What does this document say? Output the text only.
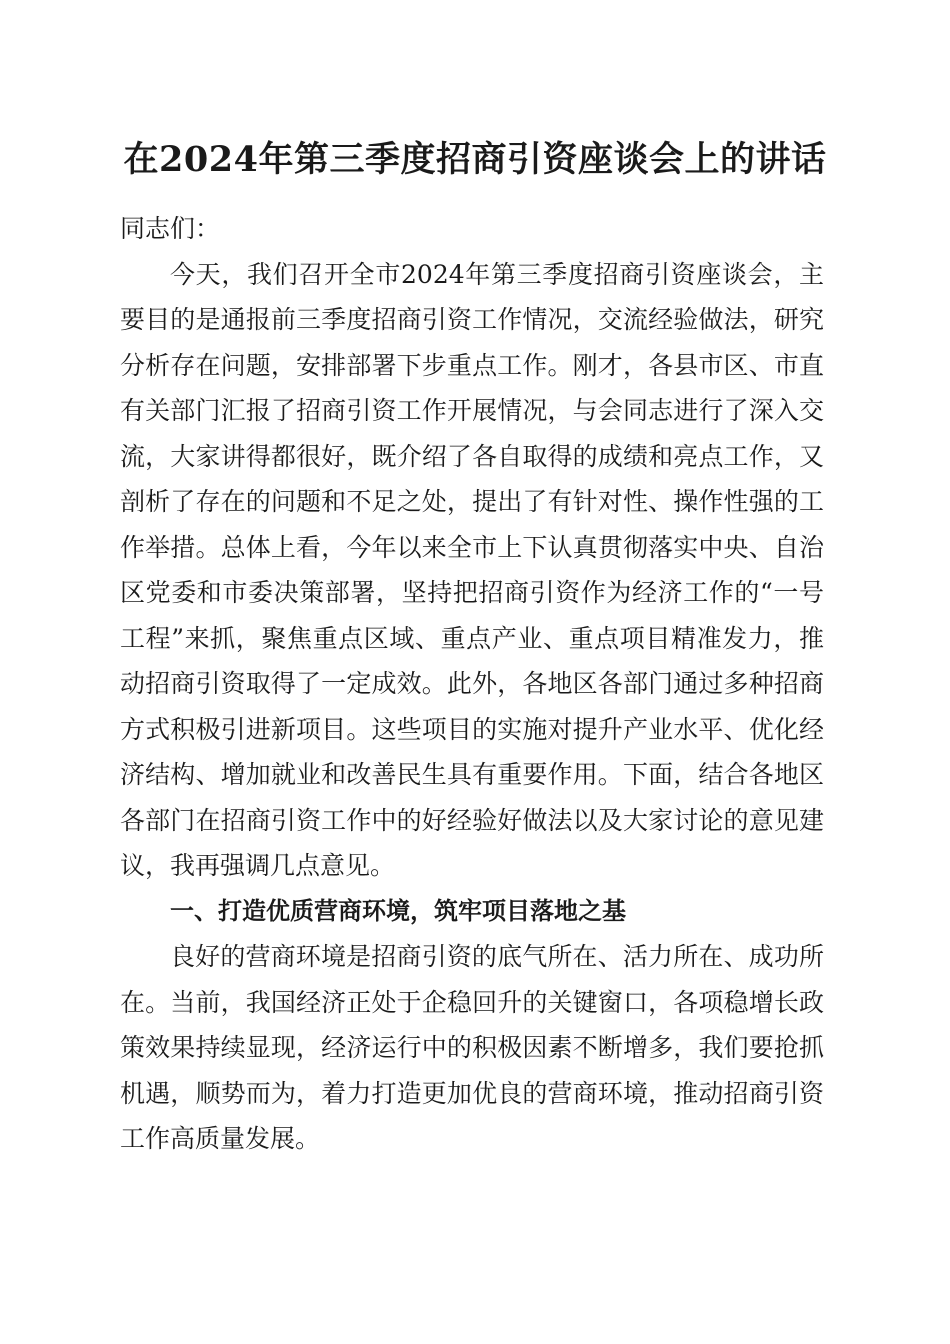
在2024年第三季度招商引资座谈会上的讲话

同志们：

今天，我们召开全市2024年第三季度招商引资座谈会，主要目的是通报前三季度招商引资工作情况，交流经验做法，研究分析存在问题，安排部署下步重点工作。刚才，各县市区、市直有关部门汇报了招商引资工作开展情况，与会同志进行了深入交流，大家讲得都很好，既介绍了各自取得的成绩和亮点工作，又剖析了存在的问题和不足之处，提出了有针对性、操作性强的工作举措。总体上看，今年以来全市上下认真贯彻落实中央、自治区党委和市委决策部署，坚持把招商引资作为经济工作的“一号工程”来抓，聚焦重点区域、重点产业、重点项目精准发力，推动招商引资取得了一定成效。此外，各地区各部门通过多种招商方式积极引进新项目。这些项目的实施对提升产业水平、优化经济结构、增加就业和改善民生具有重要作用。下面，结合各地区各部门在招商引资工作中的好经验好做法以及大家讨论的意见建议，我再强调几点意见。

一、打造优质营商环境，筑牢项目落地之基

良好的营商环境是招商引资的底气所在、活力所在、成功所在。当前，我国经济正处于企稳回升的关键窗口，各项稳增长政策效果持续显现，经济运行中的积极因素不断增多，我们要抢抓机遇，顺势而为，着力打造更加优良的营商环境，推动招商引资工作高质量发展。
